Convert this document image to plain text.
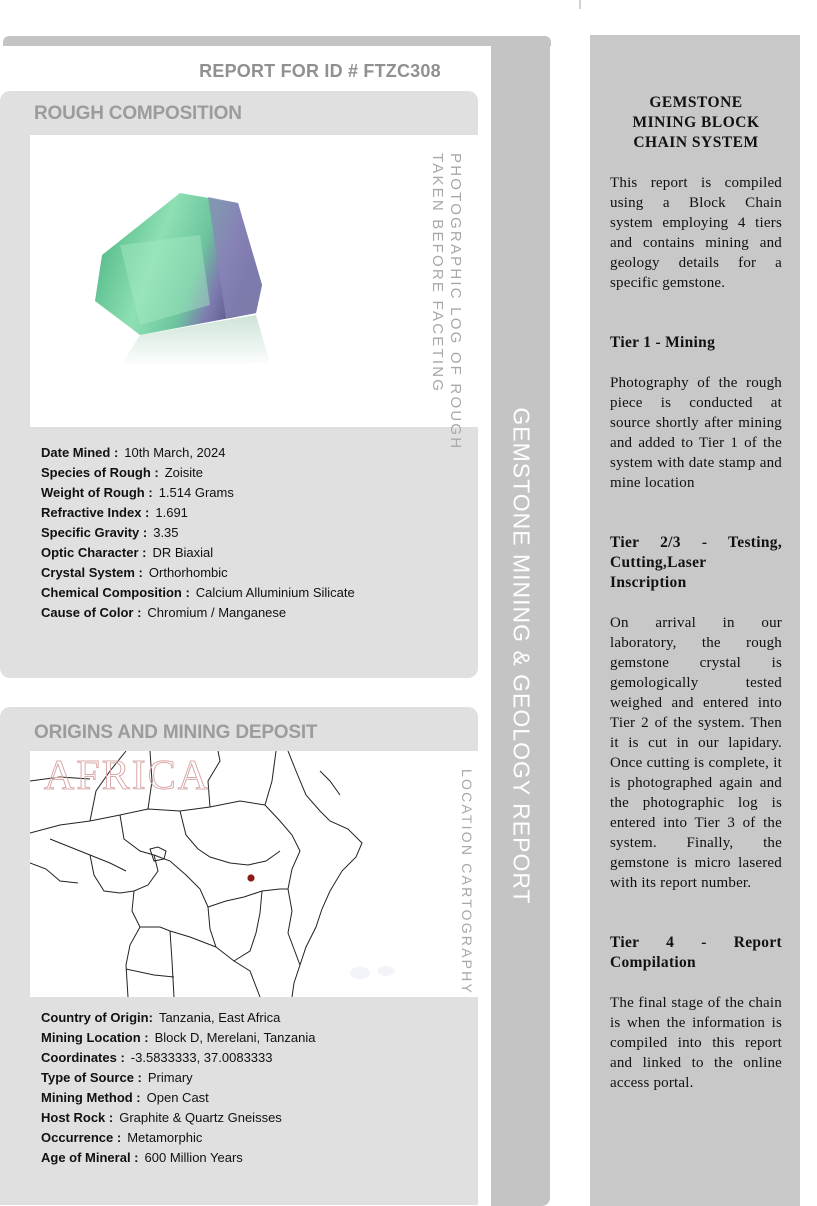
REPORT FOR ID # FTZC308
GEMSTONE MINING & GEOLOGY REPORT
ROUGH COMPOSITION
PHOTOGRAPHIC LOG OF ROUGH
TAKEN BEFORE FACETING
Date Mined : 10th March, 2024
Species of Rough : Zoisite
Weight of Rough : 1.514 Grams
Refractive Index : 1.691
Specific Gravity : 3.35
Optic Character : DR Biaxial
Crystal System : Orthorhombic
Chemical Composition : Calcium Alluminium Silicate
Cause of Color : Chromium / Manganese
ORIGINS AND MINING DEPOSIT
AFRICA	LOCATION CARTOGRAPHY
Country of Origin: Tanzania, East Africa
Mining Location : Block D, Merelani, Tanzania
Coordinates : -3.5833333, 37.0083333
Type of Source : Primary
Mining Method : Open Cast
Host Rock : Graphite & Quartz Gneisses
Occurrence : Metamorphic
Age of Mineral : 600 Million Years
GEMSTONE
MINING BLOCK
CHAIN SYSTEM

This report is compiled using a Block Chain system employing 4 tiers and contains mining and geology details for a specific gemstone.

Tier 1 - Mining

Photography of the rough piece is conducted at source shortly after mining and added to Tier 1 of the system with date stamp and mine location

Tier 2/3 - Testing, Cutting,Laser Inscription

On arrival in our laboratory, the rough gemstone crystal is gemologically tested weighed and entered into Tier 2 of the system. Then it is cut in our lapidary. Once cutting is complete, it is photographed again and the photographic log is entered into Tier 3 of the system. Finally, the gemstone is micro lasered with its report number.

Tier 4 - Report Compilation

The final stage of the chain is when the information is compiled into this report and linked to the online access portal.
